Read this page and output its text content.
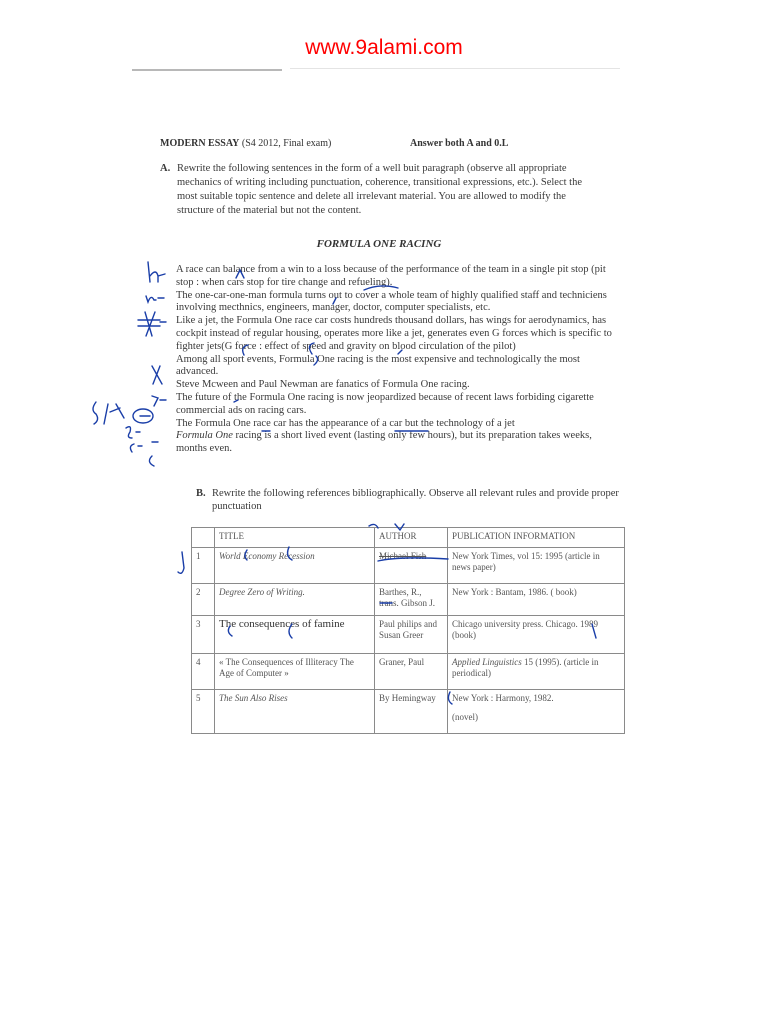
www.9alami.com
MODERN ESSAY (S4 2012, Final exam)	Answer both A and 0.L
A. Rewrite the following sentences in the form of a well buit paragraph (observe all appropriate mechanics of writing including punctuation, coherence, transitional expressions, etc.). Select the most suitable topic sentence and delete all irrelevant material. You are allowed to modify the structure of the material but not the content.
FORMULA ONE RACING

A race can balance from a win to a loss because of the performance of the team in a single pit stop (pit stop : when cars stop for tire change and refueling).

The one-car-one-man formula turns out to cover a whole team of highly qualified staff and techniciens involving mecthnics, engineers, manager, doctor, computer specialists, etc.

Like a jet, the Formula One race car costs hundreds thousand dollars, has wings for aerodynamics, has cockpit instead of regular housing, operates more like a jet, generates even G forces which is specific to fighter jets(G force : effect of speed and gravity on blood circulation of the pilot)

Among all sport events, Formula One racing is the most expensive and technologically the most advanced.

Steve Mcween and Paul Newman are fanatics of Formula One racing.

The future of the Formula One racing is now jeopardized because of recent laws forbiding cigarette commercial ads on racing cars.

The Formula One race car has the appearance of a car but the technology of a jet

Formula One racing is a short lived event (lasting only few hours), but its preparation takes weeks, months even.

B. Rewrite the following references bibliographically. Observe all relevant rules and provide proper punctuation
	TITLE	AUTHOR	PUBLICATION INFORMATION
1	World Economy Recession	Michael Fish	New York Times, vol 15: 1995 (article in news paper)
2	Degree Zero of Writing.	Barthes, R., trans. Gibson J.	New York : Bantam, 1986. ( book)
3	The consequences of famine	Paul philips and Susan Greer	Chicago university press. Chicago. 1989 (book)
4	« The Consequences of Illiteracy The Age of Computer »	Graner, Paul	Applied Linguistics 15 (1995). (article in periodical)
5	The Sun Also Rises	By Hemingway	New York : Harmony, 1982.
(novel)
